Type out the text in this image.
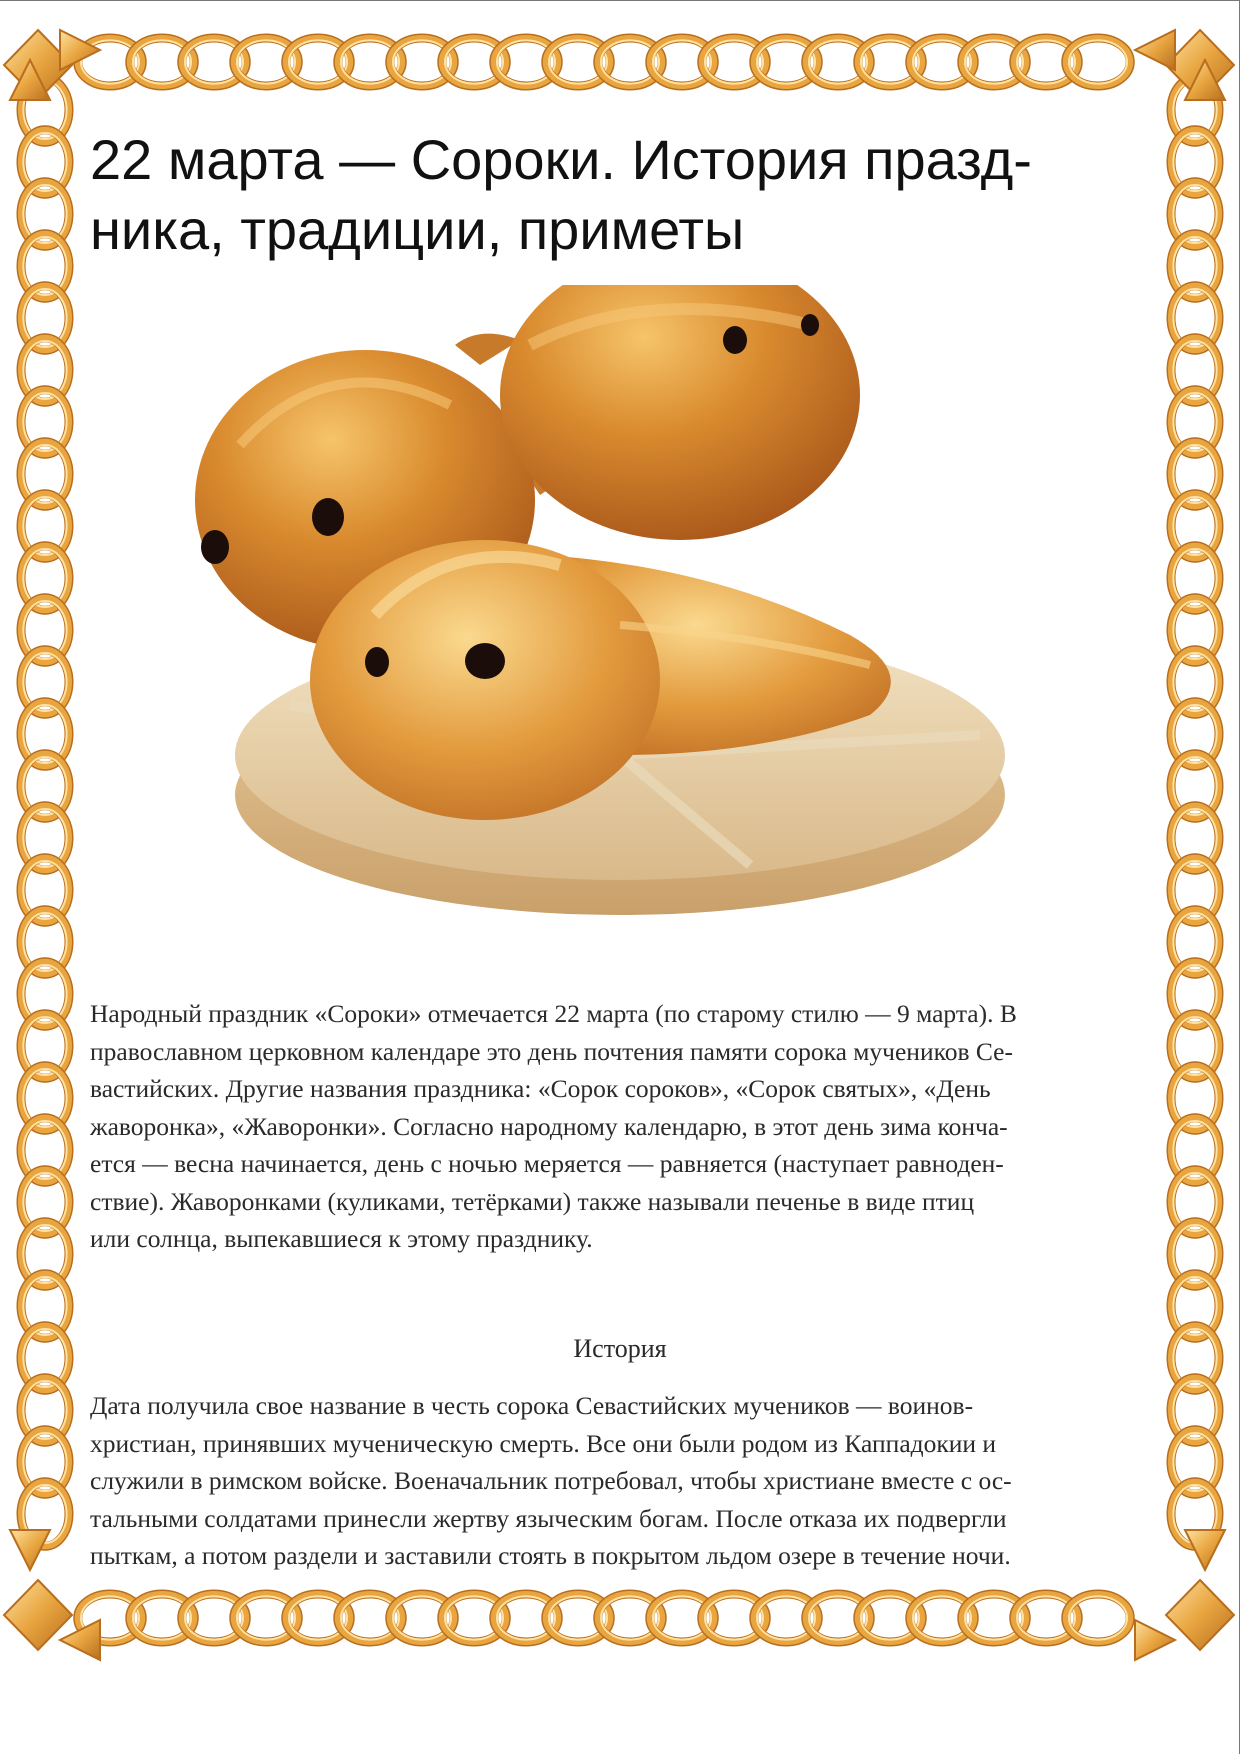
22 марта — Сороки. История празд-
ника, традиции, приметы
Народный праздник «Сороки» отмечается 22 марта (по старому стилю — 9 марта). В
православном церковном календаре это день почтения памяти сорока мучеников Се-
вастийских. Другие названия праздника: «Сорок сороков», «Сорок святых», «День
жаворонка», «Жаворонки». Согласно народному календарю, в этот день зима конча-
ется — весна начинается, день с ночью меряется — равняется (наступает равноден-
ствие). Жаворонками (куликами, тетёрками) также называли печенье в виде птиц
или солнца, выпекавшиеся к этому празднику.
История
Дата получила свое название в честь сорока Севастийских мучеников — воинов-
христиан, принявших мученическую смерть. Все они были родом из Каппадокии и
служили в римском войске. Военачальник потребовал, чтобы христиане вместе с ос-
тальными солдатами принесли жертву языческим богам. После отказа их подвергли
пыткам, а потом раздели и заставили стоять в покрытом льдом озере в течение ночи.
